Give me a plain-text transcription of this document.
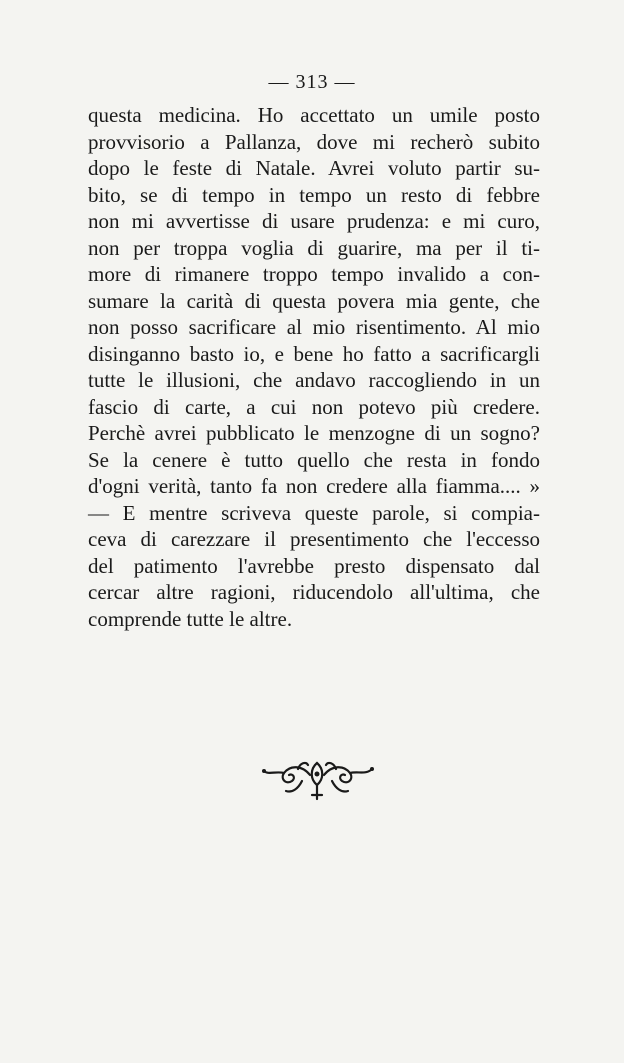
— 313 —
questa medicina. Ho accettato un umile posto
provvisorio a Pallanza, dove mi recherò subito
dopo le feste di Natale. Avrei voluto partir su-
bito, se di tempo in tempo un resto di febbre
non mi avvertisse di usare prudenza: e mi curo,
non per troppa voglia di guarire, ma per il ti-
more di rimanere troppo tempo invalido a con-
sumare la carità di questa povera mia gente, che
non posso sacrificare al mio risentimento. Al mio
disinganno basto io, e bene ho fatto a sacrificargli
tutte le illusioni, che andavo raccogliendo in un
fascio di carte, a cui non potevo più credere.
Perchè avrei pubblicato le menzogne di un sogno?
Se la cenere è tutto quello che resta in fondo
d'ogni verità, tanto fa non credere alla fiamma.... »
— E mentre scriveva queste parole, si compia-
ceva di carezzare il presentimento che l'eccesso
del patimento l'avrebbe presto dispensato dal
cercar altre ragioni, riducendolo all'ultima, che
comprende tutte le altre.
